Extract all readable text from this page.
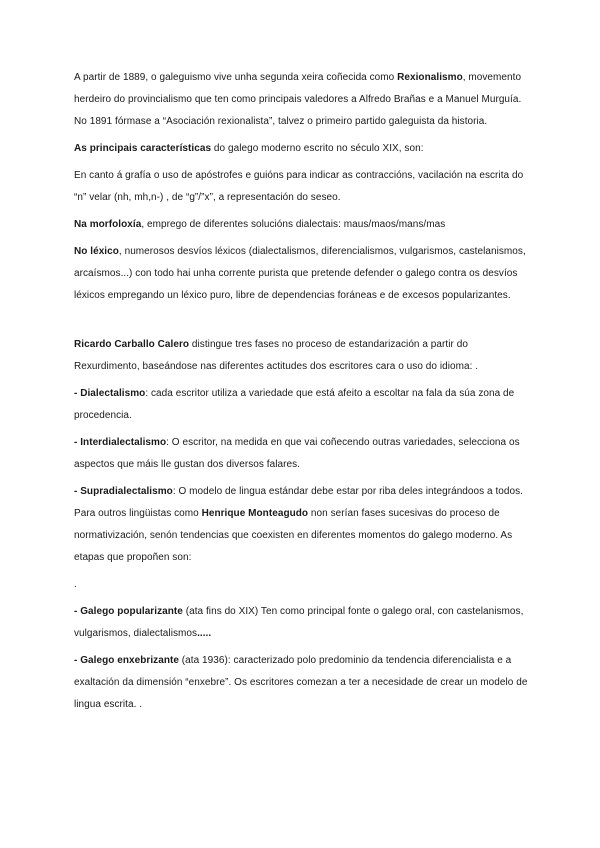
A partir de 1889, o galeguismo vive unha segunda xeira coñecida como Rexionalismo, movemento
herdeiro do provincialismo que ten como principais valedores a Alfredo Brañas e a Manuel Murguía.
No 1891 fórmase a “Asociación rexionalista”, talvez o primeiro partido galeguista da historia.
As principais características do galego moderno escrito no século XIX, son:
En canto á grafía o uso de apóstrofes e guións para indicar as contraccións, vacilación na escrita do
“n” velar (nh, mh,n-) , de “g”/”x”, a representación do seseo.
Na morfoloxía, emprego de diferentes solucións dialectais: maus/maos/mans/mas
No léxico, numerosos desvíos léxicos (dialectalismos, diferencialismos, vulgarismos, castelanismos,
arcaísmos...) con todo hai unha corrente purista que pretende defender o galego contra os desvíos
léxicos empregando un léxico puro, libre de dependencias foráneas e de excesos popularizantes.
Ricardo Carballo Calero distingue tres fases no proceso de estandarización a partir do
Rexurdimento, baseándose nas diferentes actitudes dos escritores cara o uso do idioma: .
- Dialectalismo: cada escritor utiliza a variedade que está afeito a escoltar na fala da súa zona de
procedencia.
- Interdialectalismo: O escritor, na medida en que vai coñecendo outras variedades, selecciona os
aspectos que máis lle gustan dos diversos falares.
- Supradialectalismo: O modelo de lingua estándar debe estar por riba deles integrándoos a todos.
Para outros lingüistas como Henrique Monteagudo non serían fases sucesivas do proceso de
normativización, senón tendencias que coexisten en diferentes momentos do galego moderno. As
etapas que propoñen son:
.
- Galego popularizante (ata fins do XIX) Ten como principal fonte o galego oral, con castelanismos,
vulgarismos, dialectalismos.....
- Galego enxebrizante (ata 1936): caracterizado polo predominio da tendencia diferencialista e a
exaltación da dimensión “enxebre”. Os escritores comezan a ter a necesidade de crear un modelo de
lingua escrita. .
